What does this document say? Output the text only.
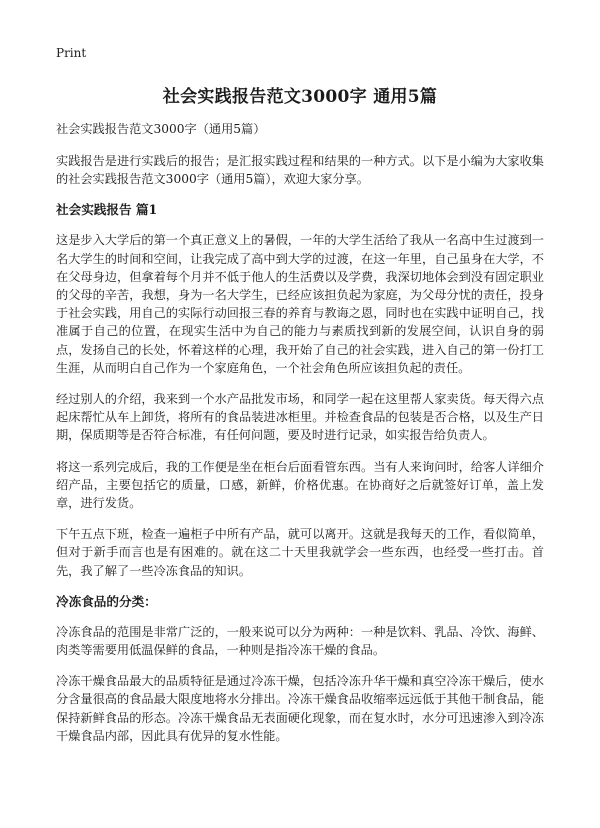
Print
社会实践报告范文3000字 通用5篇

社会实践报告范文3000字（通用5篇）

实践报告是进行实践后的报告；是汇报实践过程和结果的一种方式。以下是小编为大家收集的社会实践报告范文3000字（通用5篇），欢迎大家分享。

社会实践报告 篇1

这是步入大学后的第一个真正意义上的暑假，一年的大学生活给了我从一名高中生过渡到一名大学生的时间和空间，让我完成了高中到大学的过渡，在这一年里，自己虽身在大学，不在父母身边，但拿着每个月并不低于他人的生活费以及学费，我深切地体会到没有固定职业的父母的辛苦，我想，身为一名大学生，已经应该担负起为家庭，为父母分忧的责任，投身于社会实践，用自己的实际行动回报三春的养育与教诲之恩，同时也在实践中证明自己，找准属于自己的位置，在现实生活中为自己的能力与素质找到新的发展空间，认识自身的弱点，发扬自己的长处，怀着这样的心理，我开始了自己的社会实践，进入自己的第一份打工生涯，从而明白自己作为一个家庭角色，一个社会角色所应该担负起的责任。

经过别人的介绍，我来到一个水产品批发市场，和同学一起在这里帮人家卖货。每天得六点起床帮忙从车上卸货，将所有的食品装进冰柜里。并检查食品的包装是否合格，以及生产日期，保质期等是否符合标准，有任何问题，要及时进行记录，如实报告给负责人。

将这一系列完成后，我的工作便是坐在柜台后面看管东西。当有人来询问时，给客人详细介绍产品，主要包括它的质量，口感，新鲜，价格优惠。在协商好之后就签好订单，盖上发章，进行发货。

下午五点下班，检查一遍柜子中所有产品，就可以离开。这就是我每天的工作，看似简单，但对于新手而言也是有困难的。就在这二十天里我就学会一些东西，也经受一些打击。首先，我了解了一些冷冻食品的知识。

冷冻食品的分类：

冷冻食品的范围是非常广泛的，一般来说可以分为两种：一种是饮料、乳品、冷饮、海鲜、肉类等需要用低温保鲜的食品，一种则是指冷冻干燥的食品。

冷冻干燥食品最大的品质特征是通过冷冻干燥，包括冷冻升华干燥和真空冷冻干燥后，使水分含量很高的食品最大限度地将水分排出。冷冻干燥食品收缩率远远低于其他干制食品，能保持新鲜食品的形态。冷冻干燥食品无表面硬化现象，而在复水时，水分可迅速渗入到冷冻干燥食品内部，因此具有优异的复水性能。
